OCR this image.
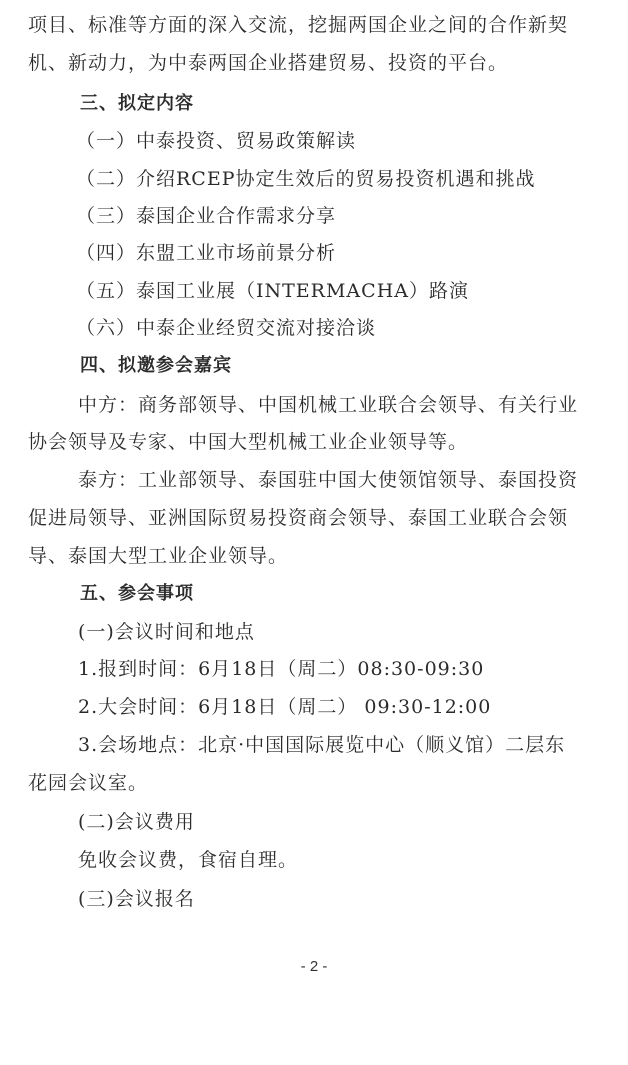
项目、标准等方面的深入交流，挖掘两国企业之间的合作新契
机、新动力，为中泰两国企业搭建贸易、投资的平台。
三、拟定内容
（一）中泰投资、贸易政策解读
（二）介绍RCEP协定生效后的贸易投资机遇和挑战
（三）泰国企业合作需求分享
（四）东盟工业市场前景分析
（五）泰国工业展（INTERMACHA）路演
（六）中泰企业经贸交流对接洽谈
四、拟邀参会嘉宾
中方：商务部领导、中国机械工业联合会领导、有关行业
协会领导及专家、中国大型机械工业企业领导等。
泰方：工业部领导、泰国驻中国大使领馆领导、泰国投资
促进局领导、亚洲国际贸易投资商会领导、泰国工业联合会领
导、泰国大型工业企业领导。
五、参会事项
(一)会议时间和地点
1.报到时间：6月18日（周二）08:30-09:30
2.大会时间：6月18日（周二） 09:30-12:00
3.会场地点：北京·中国国际展览中心（顺义馆）二层东
花园会议室。
(二)会议费用
免收会议费，食宿自理。
(三)会议报名
- 2 -
